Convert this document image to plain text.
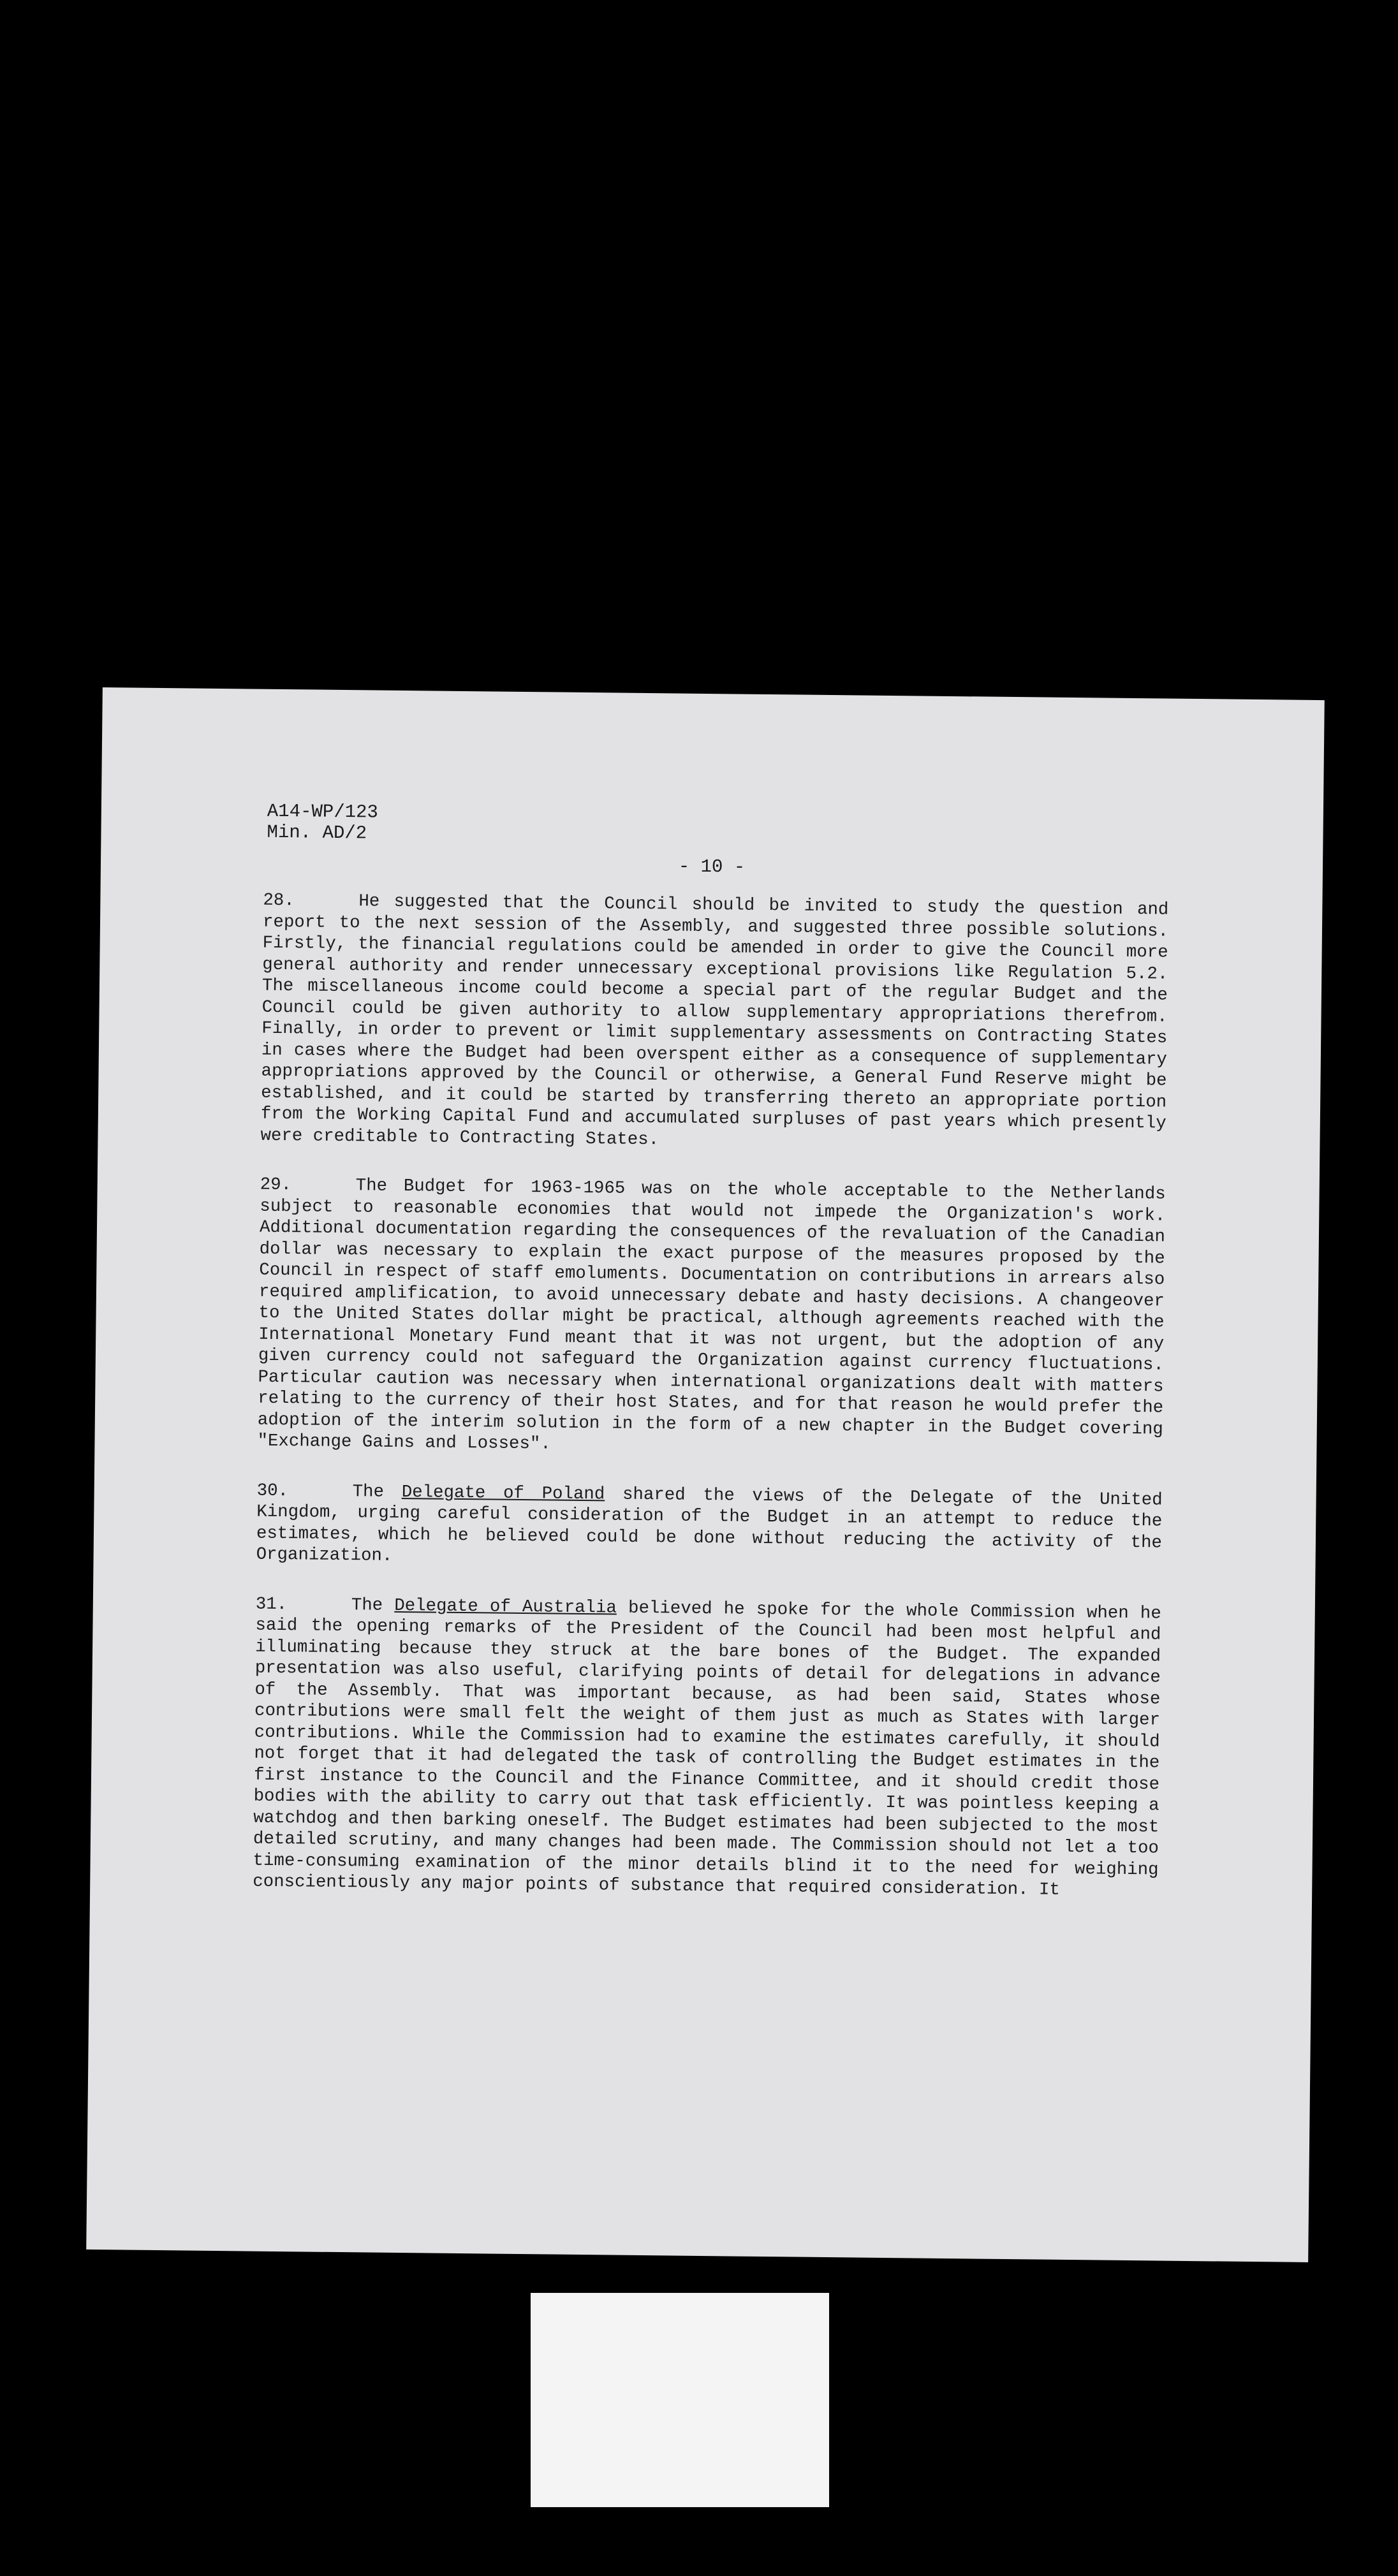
A14-WP/123
Min. AD/2
- 10 -

28.	He suggested that the Council should be invited to study the question and report to the next session of the Assembly, and suggested three possible solutions. Firstly, the financial regulations could be amended in order to give the Council more general authority and render unnecessary exceptional provisions like Regulation 5.2. The miscellaneous income could become a special part of the regular Budget and the Council could be given authority to allow supplementary appropriations therefrom. Finally, in order to prevent or limit supplementary assessments on Contracting States in cases where the Budget had been overspent either as a consequence of supplementary appropriations approved by the Council or otherwise, a General Fund Reserve might be established, and it could be started by transferring thereto an appropriate portion from the Working Capital Fund and accumulated surpluses of past years which presently were creditable to Contracting States.

29.	The Budget for 1963-1965 was on the whole acceptable to the Netherlands subject to reasonable economies that would not impede the Organization's work. Additional documentation regarding the consequences of the revaluation of the Canadian dollar was necessary to explain the exact purpose of the measures proposed by the Council in respect of staff emoluments. Documentation on contributions in arrears also required amplification, to avoid unnecessary debate and hasty decisions. A changeover to the United States dollar might be practical, although agreements reached with the International Monetary Fund meant that it was not urgent, but the adoption of any given currency could not safeguard the Organization against currency fluctuations. Particular caution was necessary when international organizations dealt with matters relating to the currency of their host States, and for that reason he would prefer the adoption of the interim solution in the form of a new chapter in the Budget covering "Exchange Gains and Losses".

30.	The Delegate of Poland shared the views of the Delegate of the United Kingdom, urging careful consideration of the Budget in an attempt to reduce the estimates, which he believed could be done without reducing the activity of the Organization.

31.	The Delegate of Australia believed he spoke for the whole Commission when he said the opening remarks of the President of the Council had been most helpful and illuminating because they struck at the bare bones of the Budget. The expanded presentation was also useful, clarifying points of detail for delegations in advance of the Assembly. That was important because, as had been said, States whose contributions were small felt the weight of them just as much as States with larger contributions. While the Commission had to examine the estimates carefully, it should not forget that it had delegated the task of controlling the Budget estimates in the first instance to the Council and the Finance Committee, and it should credit those bodies with the ability to carry out that task efficiently. It was pointless keeping a watchdog and then barking oneself. The Budget estimates had been subjected to the most detailed scrutiny, and many changes had been made. The Commission should not let a too time-consuming examination of the minor details blind it to the need for weighing conscientiously any major points of substance that required consideration. It
